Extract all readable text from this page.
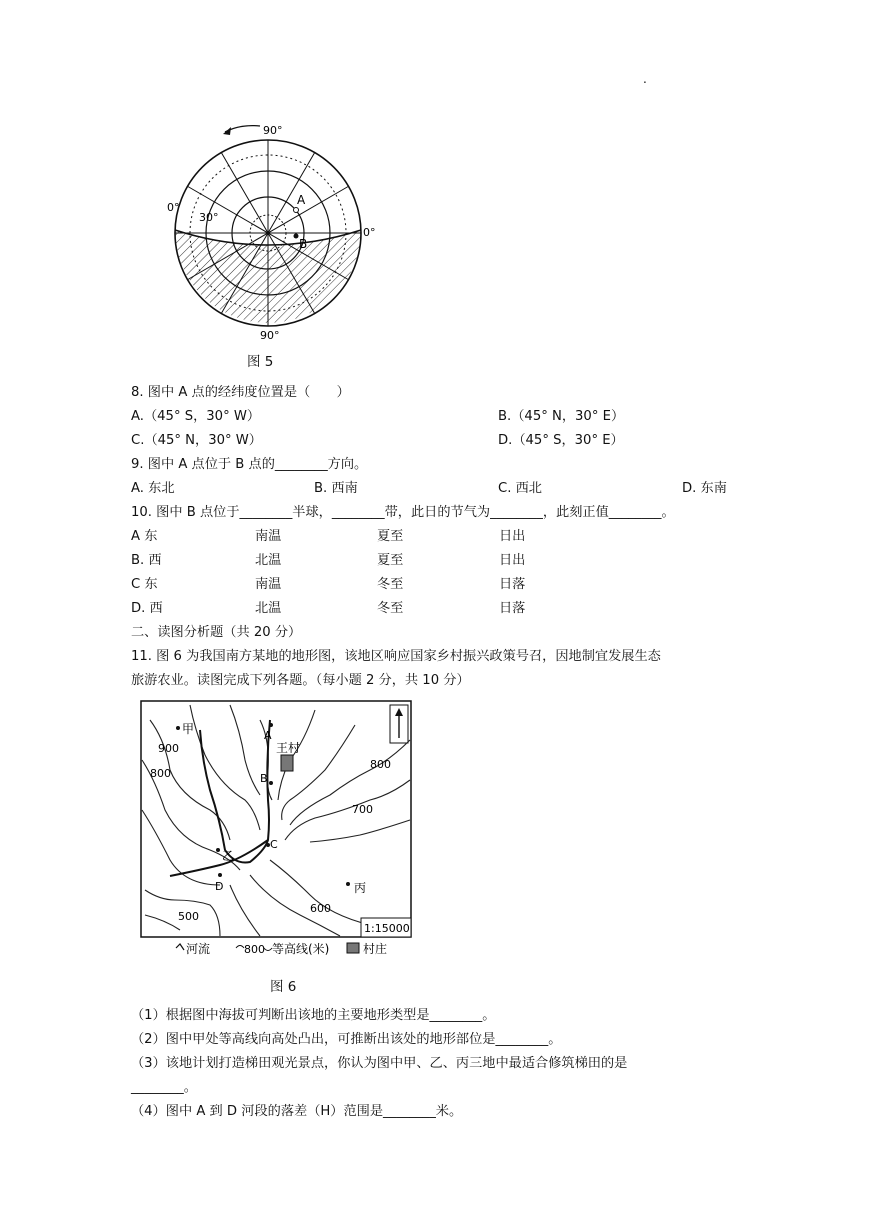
.
90°
90°
0°
0°
30°
A
B
图 5
8. 图中 A 点的经纬度位置是（　　）
A.（45° S，30° W）	B.（45° N，30° E）
C.（45° N，30° W）	D.（45° S，30° E）
9. 图中 A 点位于 B 点的________方向。
A. 东北	B. 西南	C. 西北	D. 东南
10. 图中 B 点位于________半球，________带，此日的节气为________，此刻正值________。
A 东	南温	夏至	日出
B. 西	北温	夏至	日出
C 东	南温	冬至	日落
D. 西	北温	冬至	日落
二、读图分析题（共 20 分）
11. 图 6 为我国南方某地的地形图，该地区响应国家乡村振兴政策号召，因地制宜发展生态
旅游农业。读图完成下列各题。（每小题 2 分，共 10 分）
1:15000
甲
乙
丙
王村
A
B
C
D
900
800
800
700
600
500
河流	800 等高线(米)	村庄
图 6
（1）根据图中海拔可判断出该地的主要地形类型是________。
（2）图中甲处等高线向高处凸出，可推断出该处的地形部位是________。
（3）该地计划打造梯田观光景点，你认为图中甲、乙、丙三地中最适合修筑梯田的是
________。
（4）图中 A 到 D 河段的落差（H）范围是________米。
